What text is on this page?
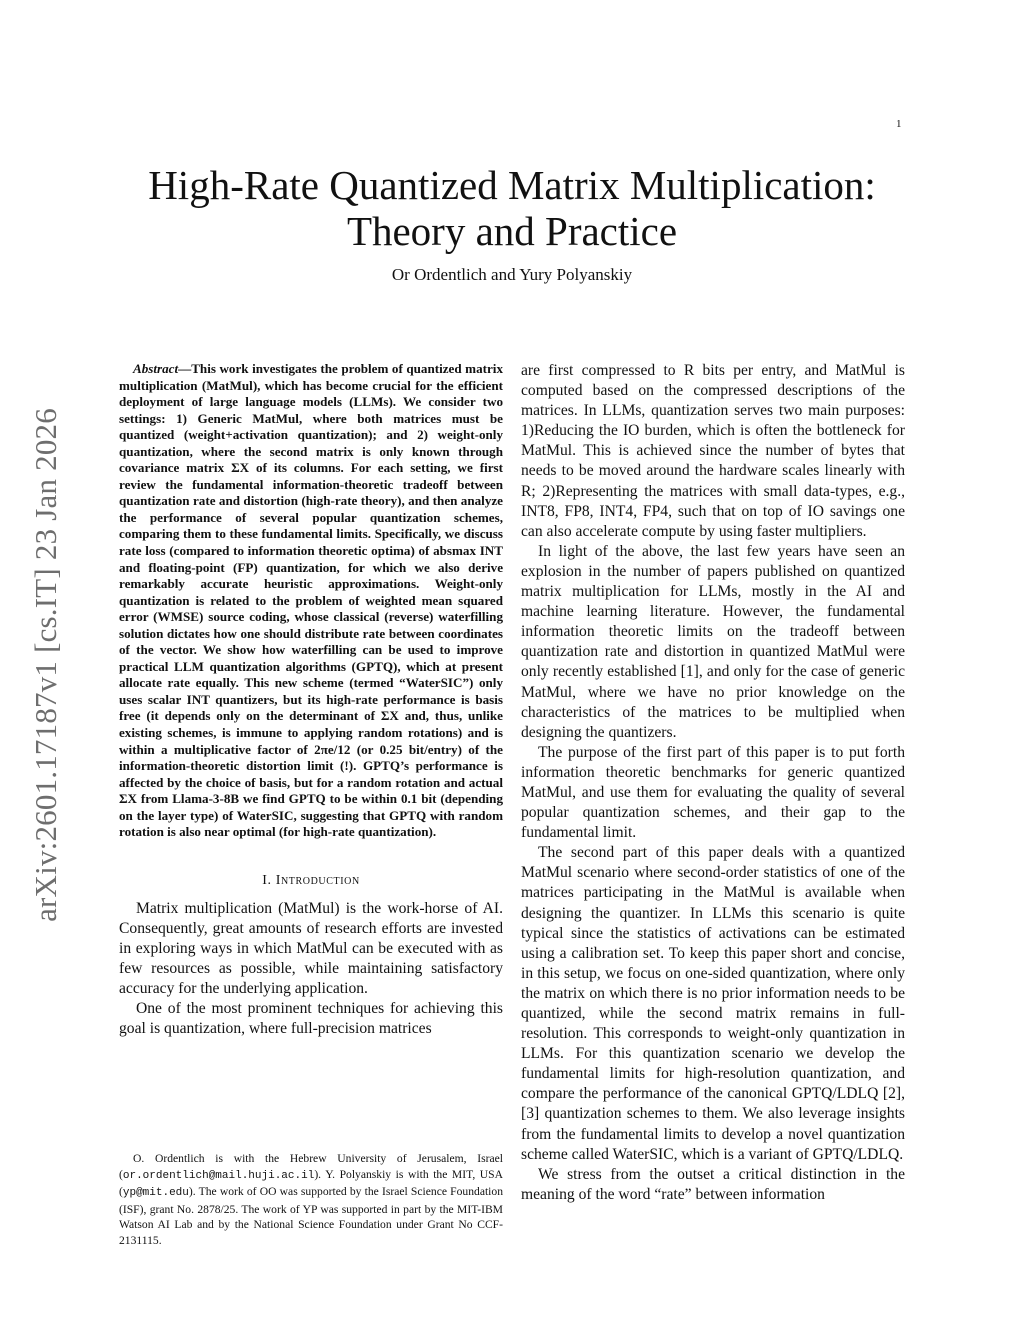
1
arXiv:2601.17187v1 [cs.IT] 23 Jan 2026
High-Rate Quantized Matrix Multiplication:
Theory and Practice
Or Ordentlich and Yury Polyanskiy

Abstract—This work investigates the problem of quantized matrix multiplication (MatMul), which has become crucial for the efficient deployment of large language models (LLMs). We consider two settings: 1) Generic MatMul, where both matrices must be quantized (weight+activation quantization); and 2) weight-only quantization, where the second matrix is only known through covariance matrix ΣX of its columns. For each setting, we first review the fundamental information-theoretic tradeoff between quantization rate and distortion (high-rate theory), and then analyze the performance of several popular quantization schemes, comparing them to these fundamental limits. Specifically, we discuss rate loss (compared to information theoretic optima) of absmax INT and floating-point (FP) quantization, for which we also derive remarkably accurate heuristic approximations. Weight-only quantization is related to the problem of weighted mean squared error (WMSE) source coding, whose classical (reverse) waterfilling solution dictates how one should distribute rate between coordinates of the vector. We show how waterfilling can be used to improve practical LLM quantization algorithms (GPTQ), which at present allocate rate equally. This new scheme (termed “WaterSIC”) only uses scalar INT quantizers, but its high-rate performance is basis free (it depends only on the determinant of ΣX and, thus, unlike existing schemes, is immune to applying random rotations) and is within a multiplicative factor of 2πe/12 (or 0.25 bit/entry) of the information-theoretic distortion limit (!). GPTQ’s performance is affected by the choice of basis, but for a random rotation and actual ΣX from Llama-3-8B we find GPTQ to be within 0.1 bit (depending on the layer type) of WaterSIC, suggesting that GPTQ with random rotation is also near optimal (for high-rate quantization).

I. Introduction

Matrix multiplication (MatMul) is the work-horse of AI. Consequently, great amounts of research efforts are invested in exploring ways in which MatMul can be executed with as few resources as possible, while maintaining satisfactory accuracy for the underlying application.

One of the most prominent techniques for achieving this goal is quantization, where full-precision matrices

O. Ordentlich is with the Hebrew University of Jerusalem, Israel (or.ordentlich@mail.huji.ac.il). Y. Polyanskiy is with the MIT, USA (yp@mit.edu). The work of OO was supported by the Israel Science Foundation (ISF), grant No. 2878/25. The work of YP was supported in part by the MIT-IBM Watson AI Lab and by the National Science Foundation under Grant No CCF-2131115.

are first compressed to R bits per entry, and MatMul is computed based on the compressed descriptions of the matrices. In LLMs, quantization serves two main purposes: 1)Reducing the IO burden, which is often the bottleneck for MatMul. This is achieved since the number of bytes that needs to be moved around the hardware scales linearly with R; 2)Representing the matrices with small data-types, e.g., INT8, FP8, INT4, FP4, such that on top of IO savings one can also accelerate compute by using faster multipliers.

In light of the above, the last few years have seen an explosion in the number of papers published on quantized matrix multiplication for LLMs, mostly in the AI and machine learning literature. However, the fundamental information theoretic limits on the tradeoff between quantization rate and distortion in quantized MatMul were only recently established [1], and only for the case of generic MatMul, where we have no prior knowledge on the characteristics of the matrices to be multiplied when designing the quantizers.

The purpose of the first part of this paper is to put forth information theoretic benchmarks for generic quantized MatMul, and use them for evaluating the quality of several popular quantization schemes, and their gap to the fundamental limit.

The second part of this paper deals with a quantized MatMul scenario where second-order statistics of one of the matrices participating in the MatMul is available when designing the quantizer. In LLMs this scenario is quite typical since the statistics of activations can be estimated using a calibration set. To keep this paper short and concise, in this setup, we focus on one-sided quantization, where only the matrix on which there is no prior information needs to be quantized, while the second matrix remains in full-resolution. This corresponds to weight-only quantization in LLMs. For this quantization scenario we develop the fundamental limits for high-resolution quantization, and compare the performance of the canonical GPTQ/LDLQ [2], [3] quantization schemes to them. We also leverage insights from the fundamental limits to develop a novel quantization scheme called WaterSIC, which is a variant of GPTQ/LDLQ.

We stress from the outset a critical distinction in the meaning of the word “rate” between information
